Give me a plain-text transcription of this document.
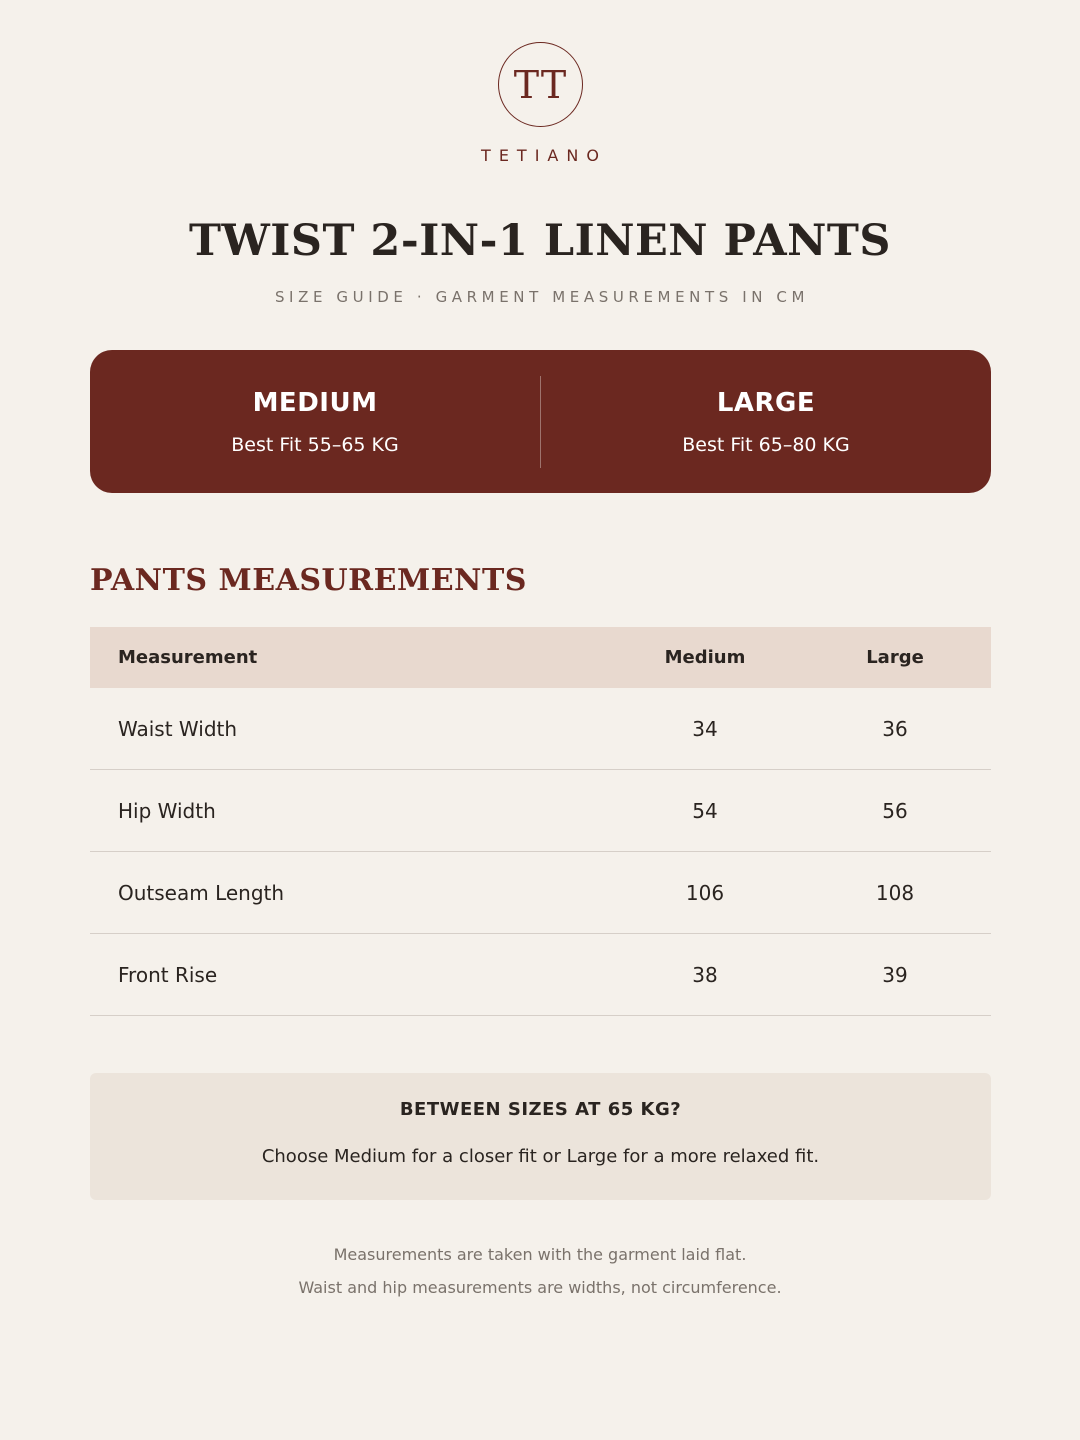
TT
TETIANO
TWIST 2-IN-1 LINEN PANTS
SIZE GUIDE · GARMENT MEASUREMENTS IN CM
MEDIUM
Best Fit 55–65 KG
LARGE
Best Fit 65–80 KG
PANTS MEASUREMENTS
Measurement	Medium	Large
Waist Width	34	36
Hip Width	54	56
Outseam Length	106	108
Front Rise	38	39
BETWEEN SIZES AT 65 KG?
Choose Medium for a closer fit or Large for a more relaxed fit.
Measurements are taken with the garment laid flat.
Waist and hip measurements are widths, not circumference.
